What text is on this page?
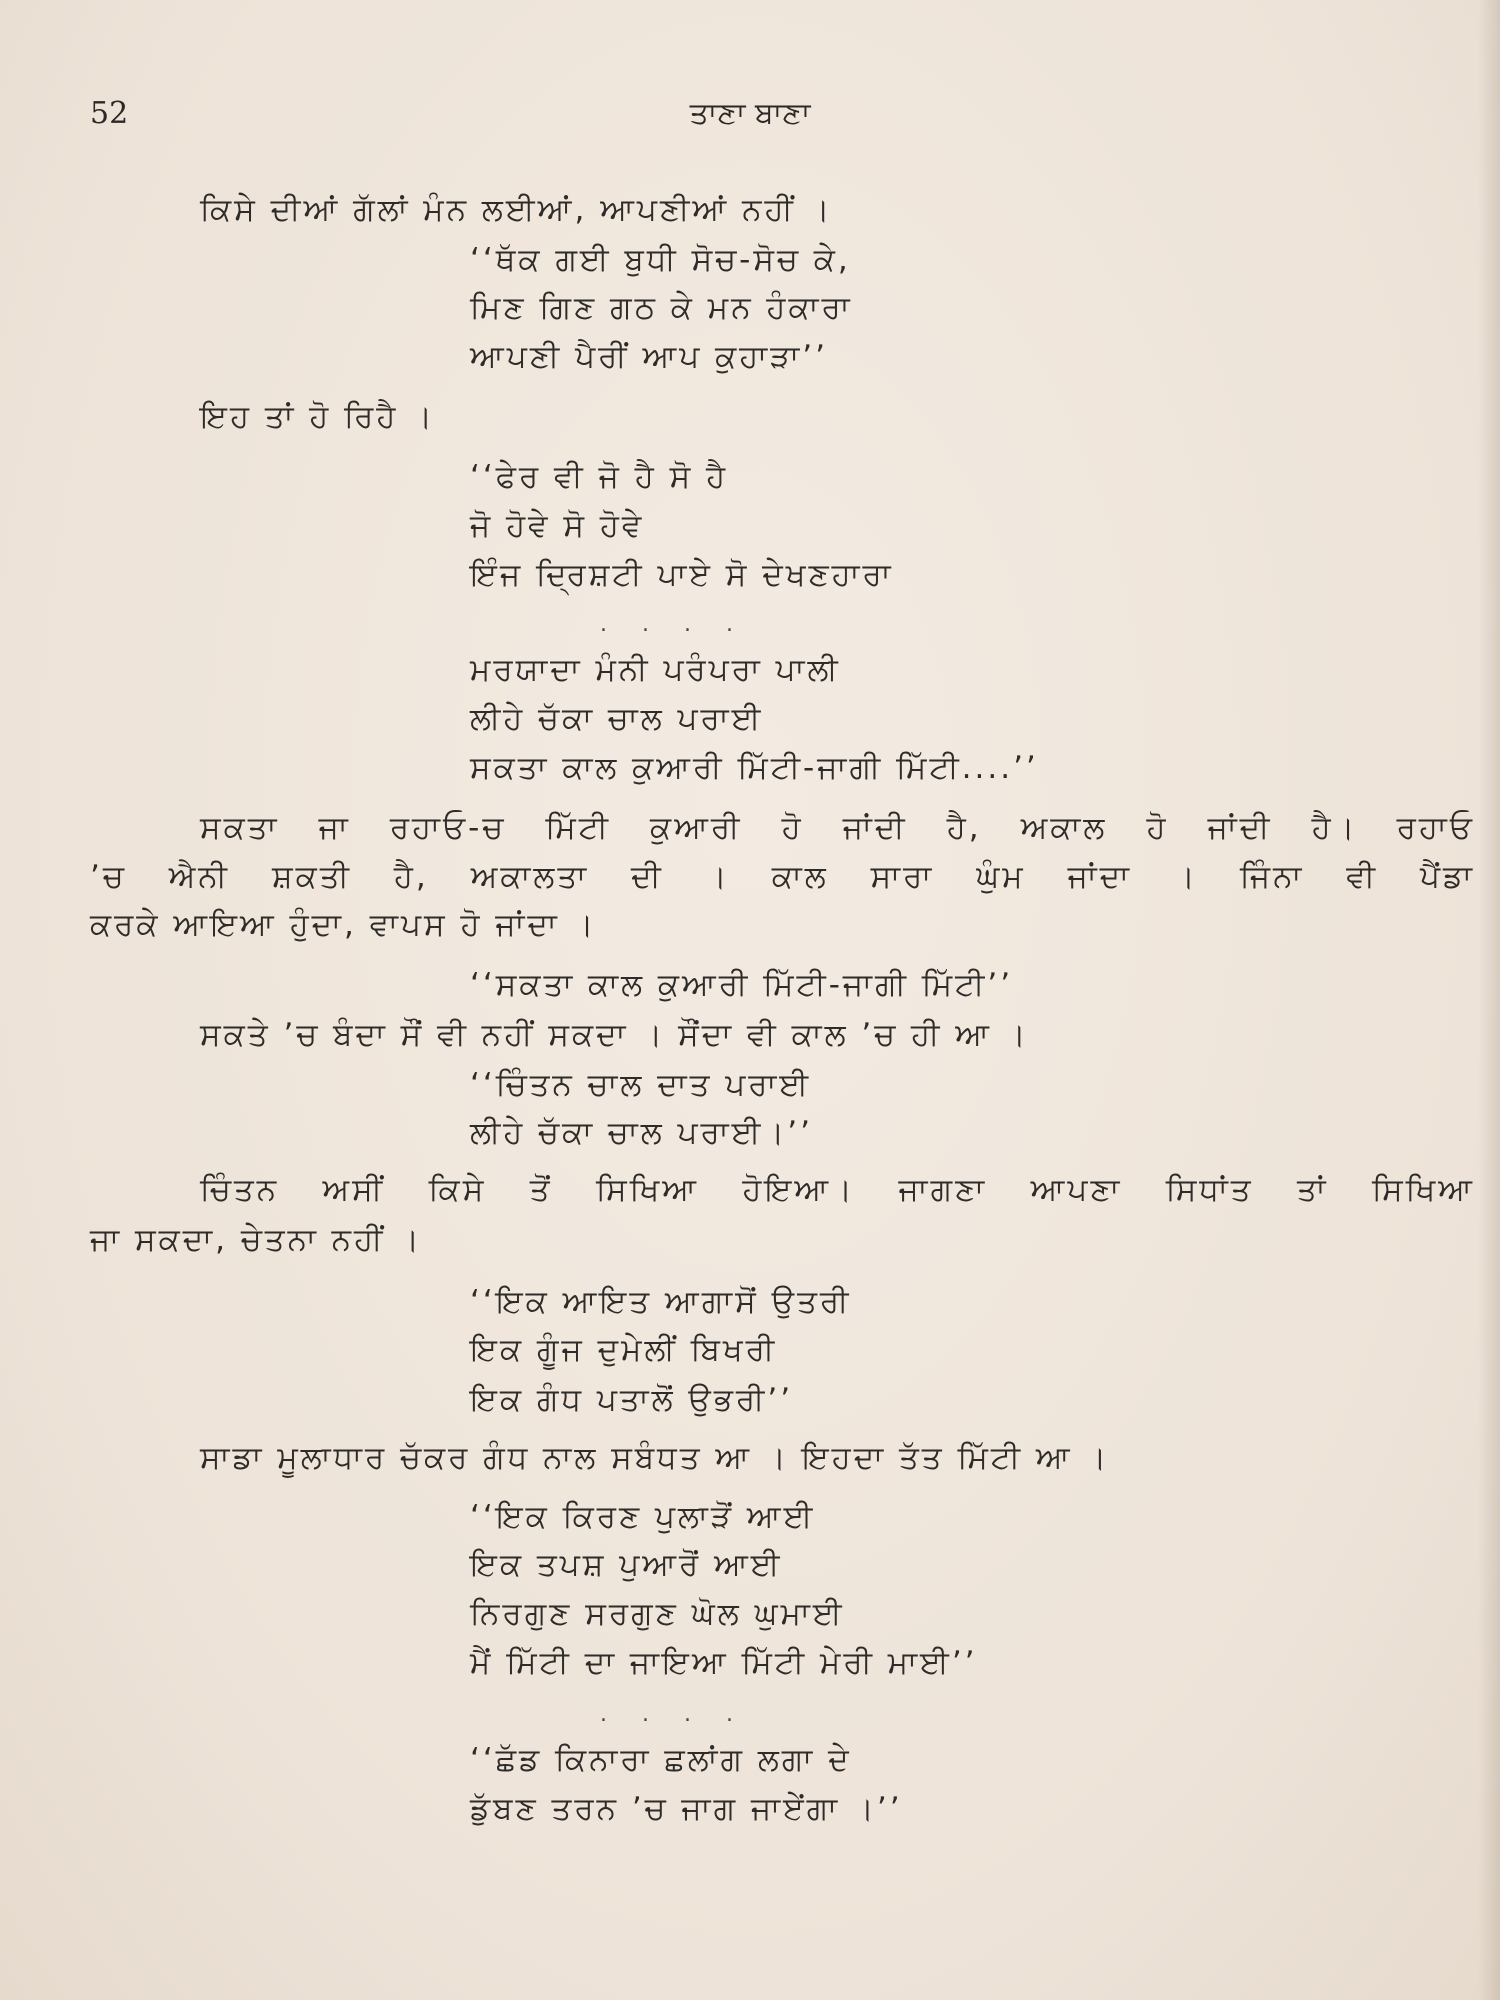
52	ਤਾਣਾ ਬਾਣਾ
ਕਿਸੇ ਦੀਆਂ ਗੱਲਾਂ ਮੰਨ ਲਈਆਂ, ਆਪਣੀਆਂ ਨਹੀਂ ।
‘‘ਥੱਕ ਗਈ ਬੁਧੀ ਸੋਚ-ਸੋਚ ਕੇ,
ਮਿਣ ਗਿਣ ਗਠ ਕੇ ਮਨ ਹੰਕਾਰਾ
ਆਪਣੀ ਪੈਰੀਂ ਆਪ ਕੁਹਾੜਾ’’
ਇਹ ਤਾਂ ਹੋ ਰਿਹੈ ।
‘‘ਫੇਰ ਵੀ ਜੋ ਹੈ ਸੋ ਹੈ
ਜੋ ਹੋਵੇ ਸੋ ਹੋਵੇ
ਇੰਜ ਦ੍ਰਿਸ਼ਟੀ ਪਾਏ ਸੋ ਦੇਖਣਹਾਰਾ
. . . .
ਮਰਯਾਦਾ ਮੰਨੀ ਪਰੰਪਰਾ ਪਾਲੀ
ਲੀਹੇ ਚੱਕਾ ਚਾਲ ਪਰਾਈ
ਸਕਤਾ ਕਾਲ ਕੁਆਰੀ ਮਿੱਟੀ-ਜਾਗੀ ਮਿੱਟੀ....’’
ਸਕਤਾ ਜਾ ਰਹਾਓ-ਚ ਮਿੱਟੀ ਕੁਆਰੀ ਹੋ ਜਾਂਦੀ ਹੈ, ਅਕਾਲ ਹੋ ਜਾਂਦੀ ਹੈ। ਰਹਾਓ
’ਚ ਐਨੀ ਸ਼ਕਤੀ ਹੈ, ਅਕਾਲਤਾ ਦੀ । ਕਾਲ ਸਾਰਾ ਘੁੰਮ ਜਾਂਦਾ । ਜਿੰਨਾ ਵੀ ਪੈਂਡਾ
ਕਰਕੇ ਆਇਆ ਹੁੰਦਾ, ਵਾਪਸ ਹੋ ਜਾਂਦਾ ।
‘‘ਸਕਤਾ ਕਾਲ ਕੁਆਰੀ ਮਿੱਟੀ-ਜਾਗੀ ਮਿੱਟੀ’’
ਸਕਤੇ ’ਚ ਬੰਦਾ ਸੌਂ ਵੀ ਨਹੀਂ ਸਕਦਾ । ਸੌਂਦਾ ਵੀ ਕਾਲ ’ਚ ਹੀ ਆ ।
‘‘ਚਿੰਤਨ ਚਾਲ ਦਾਤ ਪਰਾਈ
ਲੀਹੇ ਚੱਕਾ ਚਾਲ ਪਰਾਈ।’’
ਚਿੰਤਨ ਅਸੀਂ ਕਿਸੇ ਤੋਂ ਸਿਖਿਆ ਹੋਇਆ। ਜਾਗਣਾ ਆਪਣਾ ਸਿਧਾਂਤ ਤਾਂ ਸਿਖਿਆ
ਜਾ ਸਕਦਾ, ਚੇਤਨਾ ਨਹੀਂ ।
‘‘ਇਕ ਆਇਤ ਆਗਾਸੋਂ ਉਤਰੀ
ਇਕ ਗੂੰਜ ਦੁਮੇਲੀਂ ਬਿਖਰੀ
ਇਕ ਗੰਧ ਪਤਾਲੋਂ ਉਭਰੀ’’
ਸਾਡਾ ਮੂਲਾਧਾਰ ਚੱਕਰ ਗੰਧ ਨਾਲ ਸਬੰਧਤ ਆ । ਇਹਦਾ ਤੱਤ ਮਿੱਟੀ ਆ ।
‘‘ਇਕ ਕਿਰਣ ਪੁਲਾੜੋਂ ਆਈ
ਇਕ ਤਪਸ਼ ਪੁਆਰੋਂ ਆਈ
ਨਿਰਗੁਣ ਸਰਗੁਣ ਘੋਲ ਘੁਮਾਈ
ਮੈਂ ਮਿੱਟੀ ਦਾ ਜਾਇਆ ਮਿੱਟੀ ਮੇਰੀ ਮਾਈ’’
. . . .
‘‘ਛੱਡ ਕਿਨਾਰਾ ਛਲਾਂਗ ਲਗਾ ਦੇ
ਡੁੱਬਣ ਤਰਨ ’ਚ ਜਾਗ ਜਾਏਂਗਾ ।’’
